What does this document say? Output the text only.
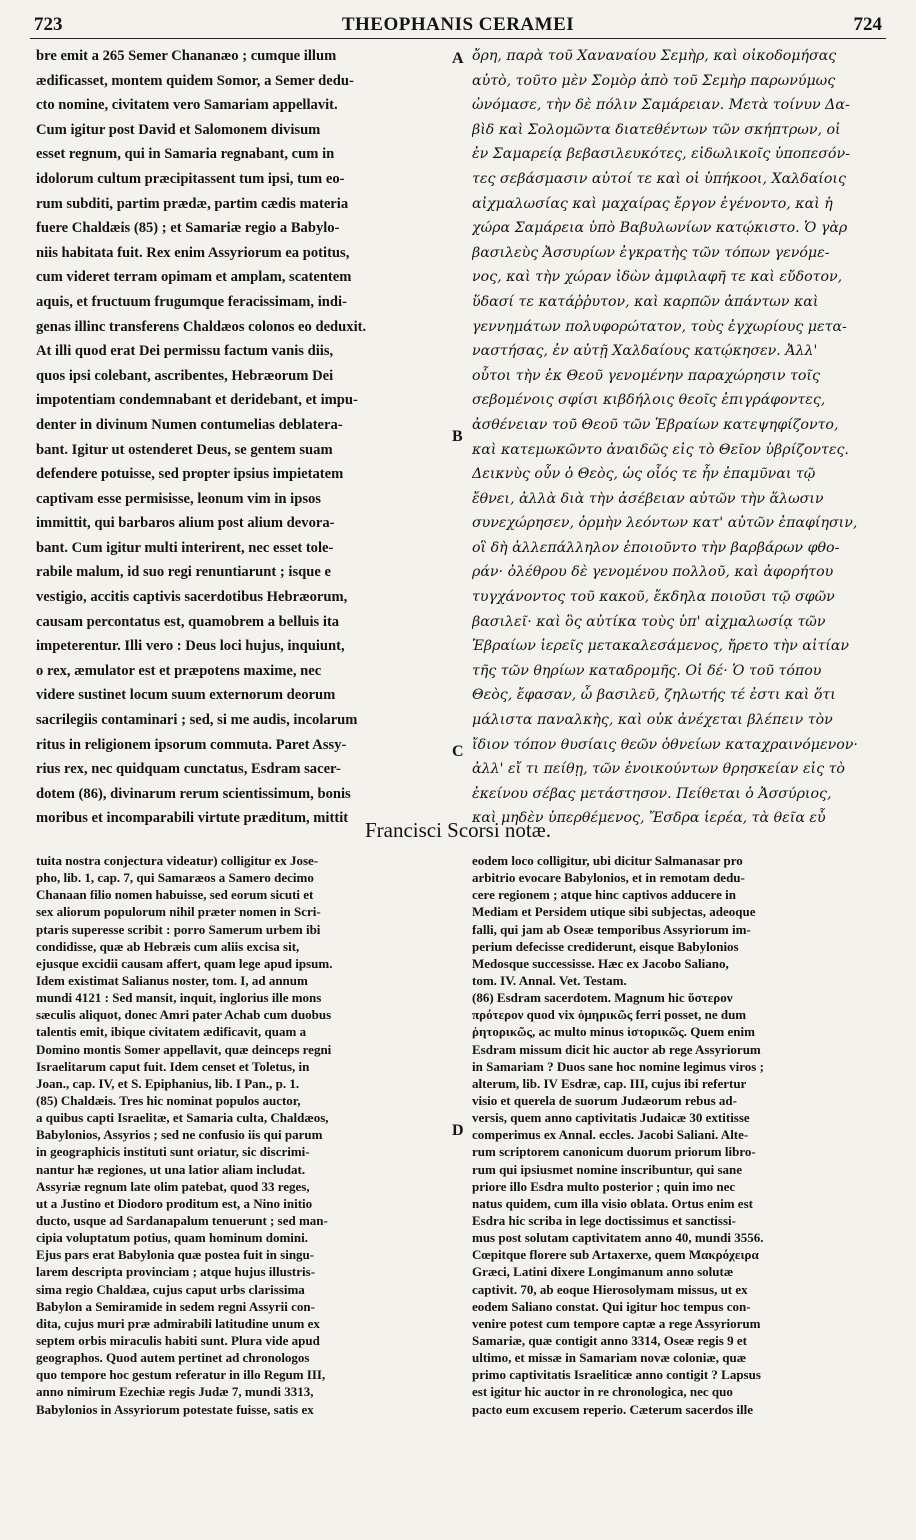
723	THEOPHANIS CERAMEI	724
bre emit a 265 Semer Chananæo ; cumque illum
ædificasset, montem quidem Somor, a Semer dedu-
cto nomine, civitatem vero Samariam appellavit.
Cum igitur post David et Salomonem divisum
esset regnum, qui in Samaria regnabant, cum in
idolorum cultum præcipitassent tum ipsi, tum eo-
rum subditi, partim prædæ, partim cædis materia
fuere Chaldæis (85) ; et Samariæ regio a Babylo-
niis habitata fuit. Rex enim Assyriorum ea potitus,
cum videret terram opimam et amplam, scatentem
aquis, et fructuum frugumque feracissimam, indi-
genas illinc transferens Chaldæos colonos eo deduxit.
At illi quod erat Dei permissu factum vanis diis,
quos ipsi colebant, ascribentes, Hebræorum Dei
impotentiam condemnabant et deridebant, et impu-
denter in divinum Numen contumelias deblatera-
bant. Igitur ut ostenderet Deus, se gentem suam
defendere potuisse, sed propter ipsius impietatem
captivam esse permisisse, leonum vim in ipsos
immittit, qui barbaros alium post alium devora-
bant. Cum igitur multi interirent, nec esset tole-
rabile malum, id suo regi renuntiarunt ; isque e
vestigio, accitis captivis sacerdotibus Hebræorum,
causam percontatus est, quamobrem a belluis ita
impeterentur. Illi vero : Deus loci hujus, inquiunt,
o rex, æmulator est et præpotens maxime, nec
videre sustinet locum suum externorum deorum
sacrilegiis contaminari ; sed, si me audis, incolarum
ritus in religionem ipsorum commuta. Paret Assy-
rius rex, nec quidquam cunctatus, Esdram sacer-
dotem (86), divinarum rerum scientissimum, bonis
moribus et incomparabili virtute præditum, mittit
ὄρη, παρὰ τοῦ Χαναναίου Σεμὴρ, καὶ οἰκοδομήσας
αὐτὸ, τοῦτο μὲν Σομὸρ ἀπὸ τοῦ Σεμὴρ παρωνύμως
ὠνόμασε, τὴν δὲ πόλιν Σαμάρειαν. Μετὰ τοίνυν Δα-
βὶδ καὶ Σολομῶντα διατεθέντων τῶν σκήπτρων, οἱ
ἐν Σαμαρείᾳ βεβασιλευκότες, εἰδωλικοῖς ὑποπεσόν-
τες σεβάσμασιν αὐτοί τε καὶ οἱ ὑπήκοοι, Χαλδαίοις
αἰχμαλωσίας καὶ μαχαίρας ἔργον ἐγένοντο, καὶ ἡ
χώρα Σαμάρεια ὑπὸ Βαβυλωνίων κατῴκιστο. Ὁ γὰρ
βασιλεὺς Ἀσσυρίων ἐγκρατὴς τῶν τόπων γενόμε-
νος, καὶ τὴν χώραν ἰδὼν ἀμφιλαφῆ τε καὶ εὔδοτον,
ὕδασί τε κατάῤῥυτον, καὶ καρπῶν ἁπάντων καὶ
γεννημάτων πολυφορώτατον, τοὺς ἐγχωρίους μετα-
ναστήσας, ἐν αὐτῇ Χαλδαίους κατῴκησεν. Ἀλλ'
οὗτοι τὴν ἐκ Θεοῦ γενομένην παραχώρησιν τοῖς
σεβομένοις σφίσι κιβδήλοις θεοῖς ἐπιγράφοντες,
ἀσθένειαν τοῦ Θεοῦ τῶν Ἑβραίων κατεψηφίζοντο,
καὶ κατεμωκῶντο ἀναιδῶς εἰς τὸ Θεῖον ὑβρίζοντες.
Δεικνὺς οὖν ὁ Θεὸς, ὡς οἷός τε ἦν ἐπαμῦναι τῷ
ἔθνει, ἀλλὰ διὰ τὴν ἀσέβειαν αὐτῶν τὴν ἅλωσιν
συνεχώρησεν, ὁρμὴν λεόντων κατ' αὐτῶν ἐπαφίησιν,
οἳ δὴ ἀλλεπάλληλον ἐποιοῦντο τὴν βαρβάρων φθο-
ράν· ὀλέθρου δὲ γενομένου πολλοῦ, καὶ ἀφορήτου
τυγχάνοντος τοῦ κακοῦ, ἔκδηλα ποιοῦσι τῷ σφῶν
βασιλεῖ· καὶ ὃς αὐτίκα τοὺς ὑπ' αἰχμαλωσίᾳ τῶν
Ἑβραίων ἱερεῖς μετακαλεσάμενος, ἤρετο τὴν αἰτίαν
τῆς τῶν θηρίων καταδρομῆς. Οἱ δέ· Ὁ τοῦ τόπου
Θεὸς, ἔφασαν, ὦ βασιλεῦ, ζηλωτής τέ ἐστι καὶ ὅτι
μάλιστα παναλκὴς, καὶ οὐκ ἀνέχεται βλέπειν τὸν
ἴδιον τόπον θυσίαις θεῶν ὀθνείων καταχραινόμενον·
ἀλλ' εἴ τι πείθῃ, τῶν ἐνοικούντων θρησκείαν εἰς τὸ
ἐκείνου σέβας μετάστησον. Πείθεται ὁ Ἀσσύριος,
καὶ μηδὲν ὑπερθέμενος, Ἔσδρα ἱερέα, τὰ θεῖα εὖ
A
B
C
D
Francisci Scorsi notæ.
tuita nostra conjectura videatur) colligitur ex Jose-
pho, lib. 1, cap. 7, qui Samaræos a Samero decimo
Chanaan filio nomen habuisse, sed eorum sicuti et
sex aliorum populorum nihil præter nomen in Scri-
ptaris superesse scribit : porro Samerum urbem ibi
condidisse, quæ ab Hebræis cum aliis excisa sit,
ejusque excidii causam affert, quam lege apud ipsum.
Idem existimat Salianus noster, tom. I, ad annum
mundi 4121 : Sed mansit, inquit, inglorius ille mons
sæculis aliquot, donec Amri pater Achab cum duobus
talentis emit, ibique civitatem ædificavit, quam a
Domino montis Somer appellavit, quæ deinceps regni
Israelitarum caput fuit. Idem censet et Toletus, in
Joan., cap. IV, et S. Epiphanius, lib. I Pan., p. 1.
(85) Chaldæis. Tres hic nominat populos auctor,
a quibus capti Israelitæ, et Samaria culta, Chaldæos,
Babylonios, Assyrios ; sed ne confusio iis qui parum
in geographicis instituti sunt oriatur, sic discrimi-
nantur hæ regiones, ut una latior aliam includat.
Assyriæ regnum late olim patebat, quod 33 reges,
ut a Justino et Diodoro proditum est, a Nino initio
ducto, usque ad Sardanapalum tenuerunt ; sed man-
cipia voluptatum potius, quam hominum domini.
Ejus pars erat Babylonia quæ postea fuit in singu-
larem descripta provinciam ; atque hujus illustris-
sima regio Chaldæa, cujus caput urbs clarissima
Babylon a Semiramide in sedem regni Assyrii con-
dita, cujus muri præ admirabili latitudine unum ex
septem orbis miraculis habiti sunt. Plura vide apud
geographos. Quod autem pertinet ad chronologos
quo tempore hoc gestum referatur in illo Regum III,
anno nimirum Ezechiæ regis Judæ 7, mundi 3313,
Babylonios in Assyriorum potestate fuisse, satis ex
eodem loco colligitur, ubi dicitur Salmanasar pro
arbitrio evocare Babylonios, et in remotam dedu-
cere regionem ; atque hinc captivos adducere in
Mediam et Persidem utique sibi subjectas, adeoque
falli, qui jam ab Oseæ temporibus Assyriorum im-
perium defecisse crediderunt, eisque Babylonios
Medosque successisse. Hæc ex Jacobo Saliano,
tom. IV. Annal. Vet. Testam.
(86) Esdram sacerdotem. Magnum hic ὕστερον
πρότερον quod vix ὁμηρικῶς ferri posset, ne dum
ῥητορικῶς, ac multo minus ἱστορικῶς. Quem enim
Esdram missum dicit hic auctor ab rege Assyriorum
in Samariam ? Duos sane hoc nomine legimus viros ;
alterum, lib. IV Esdræ, cap. III, cujus ibi refertur
visio et querela de suorum Judæorum rebus ad-
versis, quem anno captivitatis Judaicæ 30 extitisse
comperimus ex Annal. eccles. Jacobi Saliani. Alte-
rum scriptorem canonicum duorum priorum libro-
rum qui ipsiusmet nomine inscribuntur, qui sane
priore illo Esdra multo posterior ; quin imo nec
natus quidem, cum illa visio oblata. Ortus enim est
Esdra hic scriba in lege doctissimus et sanctissi-
mus post solutam captivitatem anno 40, mundi 3556.
Cœpitque florere sub Artaxerxe, quem Μακρόχειρα
Græci, Latini dixere Longimanum anno solutæ
captivit. 70, ab eoque Hierosolymam missus, ut ex
eodem Saliano constat. Qui igitur hoc tempus con-
venire potest cum tempore captæ a rege Assyriorum
Samariæ, quæ contigit anno 3314, Oseæ regis 9 et
ultimo, et missæ in Samariam novæ coloniæ, quæ
primo captivitatis Israeliticæ anno contigit ? Lapsus
est igitur hic auctor in re chronologica, nec quo
pacto eum excusem reperio. Cæterum sacerdos ille
